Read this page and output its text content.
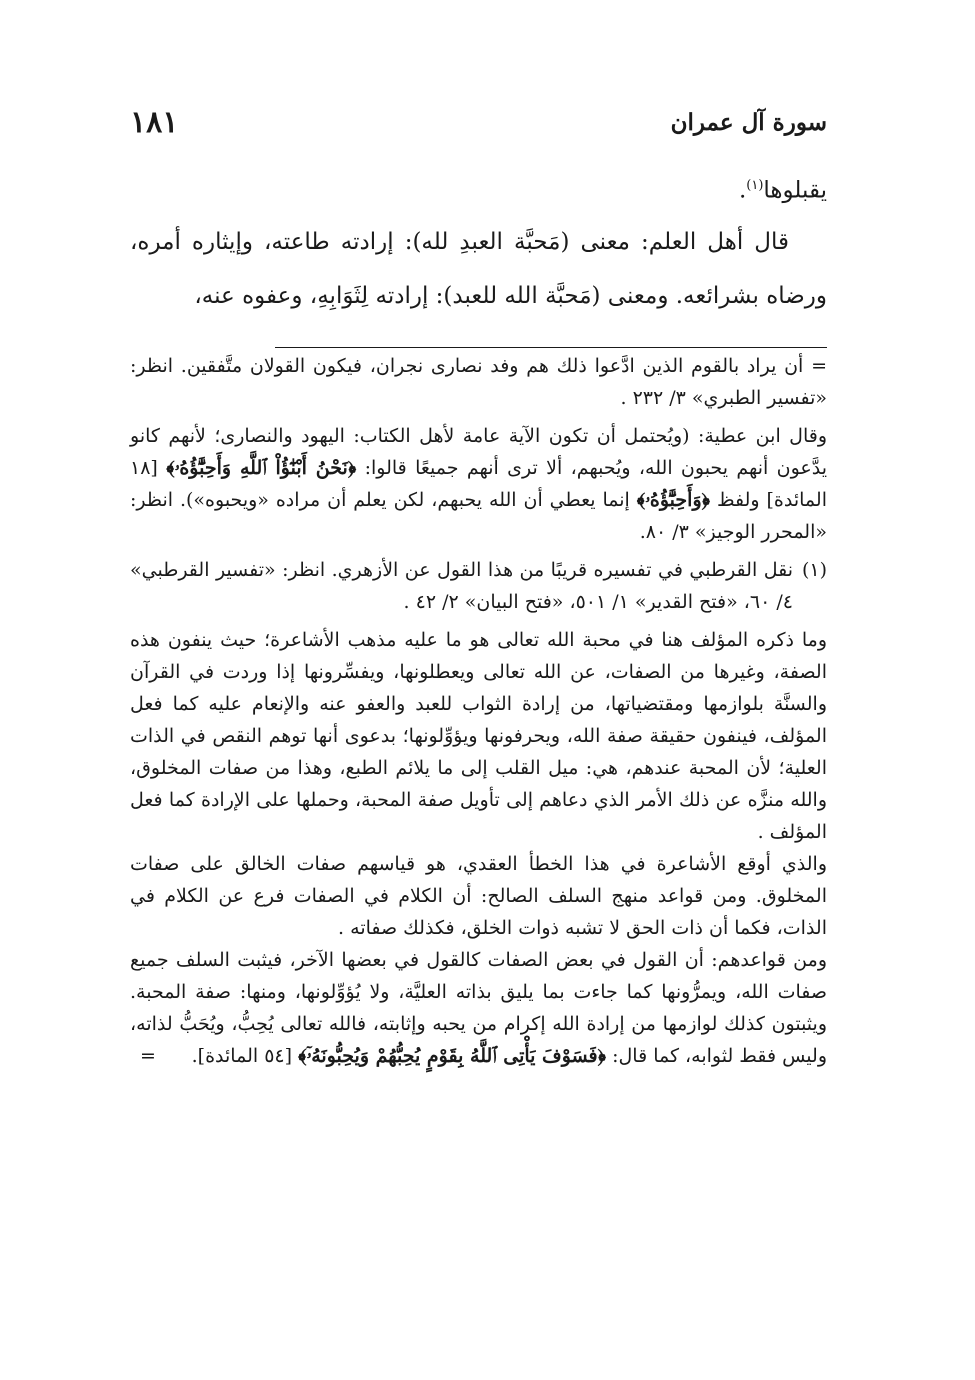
سورة آل عمران
١٨١

يقبلوها$^{(١)}$.

قال أهل العلم: معنى (مَحبَّة العبدِ لله): إرادته طاعته، وإيثاره أمره، ورضاه بشرائعه. ومعنى (مَحبَّة الله للعبد): إرادته لِثَوَابِهِ، وعفوه عنه،

= أن يراد بالقوم الذين ادَّعوا ذلك هم وفد نصارى نجران، فيكون القولان متَّفقين. انظر: «تفسير الطبري» ٣/ ٢٣٢ .

وقال ابن عطية: (ويُحتمل أن تكون الآية عامة لأهل الكتاب: اليهود والنصارى؛ لأنهم كانو يدَّعون أنهم يحبون الله، ويُحبهم، ألا ترى أنهم جميعًا قالوا: ﴿نَحْنُ أَبْنَٰٓؤُاْ ٱللَّهِ وَأَحِبَّٰٓؤُهُۥ﴾ [١٨ المائدة] ولفظ ﴿وَأَحِبَّٰٓؤُهُۥ﴾ إنما يعطي أن الله يحبهم، لكن يعلم أن مراده «ويحبوه»). انظر: «المحرر الوجيز» ٣/ ٨٠.

(١)
نقل القرطبي في تفسيره قريبًا من هذا القول عن الأزهري. انظر: «تفسير القرطبي» ٤/ ٦٠، «فتح القدير» ١/ ٥٠١، «فتح البيان» ٢/ ٤٢ .

وما ذكره المؤلف هنا في محبة الله تعالى هو ما عليه مذهب الأشاعرة؛ حيث ينفون هذه الصفة، وغيرها من الصفات، عن الله تعالى ويعطلونها، ويفسِّرونها إذا وردت في القرآن والسنَّة بلوازمها ومقتضياتها، من إرادة الثواب للعبد والعفو عنه والإنعام عليه كما فعل المؤلف، فينفون حقيقة صفة الله، ويحرفونها ويؤوِّلونها؛ بدعوى أنها توهم النقص في الذات العلية؛ لأن المحبة عندهم، هي: ميل القلب إلى ما يلائم الطبع، وهذا من صفات المخلوق، والله منزَّه عن ذلك الأمر الذي دعاهم إلى تأويل صفة المحبة، وحملها على الإرادة كما فعل المؤلف .

والذي أوقع الأشاعرة في هذا الخطأ العقدي، هو قياسهم صفات الخالق على صفات المخلوق. ومن قواعد منهج السلف الصالح: أن الكلام في الصفات فرع عن الكلام في الذات، فكما أن ذات الحق لا تشبه ذوات الخلق، فكذلك صفاته .

ومن قواعدهم: أن القول في بعض الصفات كالقول في بعضها الآخر، فيثبت السلف جميع صفات الله، ويمرُّونها كما جاءت بما يليق بذاته العليَّة، ولا يُؤوِّلونها، ومنها: صفة المحبة. ويثبتون كذلك لوازمها من إرادة الله إكرام من يحبه وإثابته، فالله تعالى يُحِبُّ، ويُحَبُّ لذاته، وليس فقط لثوابه، كما قال: ﴿فَسَوْفَ يَأْتِى ٱللَّهُ بِقَوْمٍ يُحِبُّهُمْ وَيُحِبُّونَهُۥٓ﴾ [٥٤ المائدة].

=
